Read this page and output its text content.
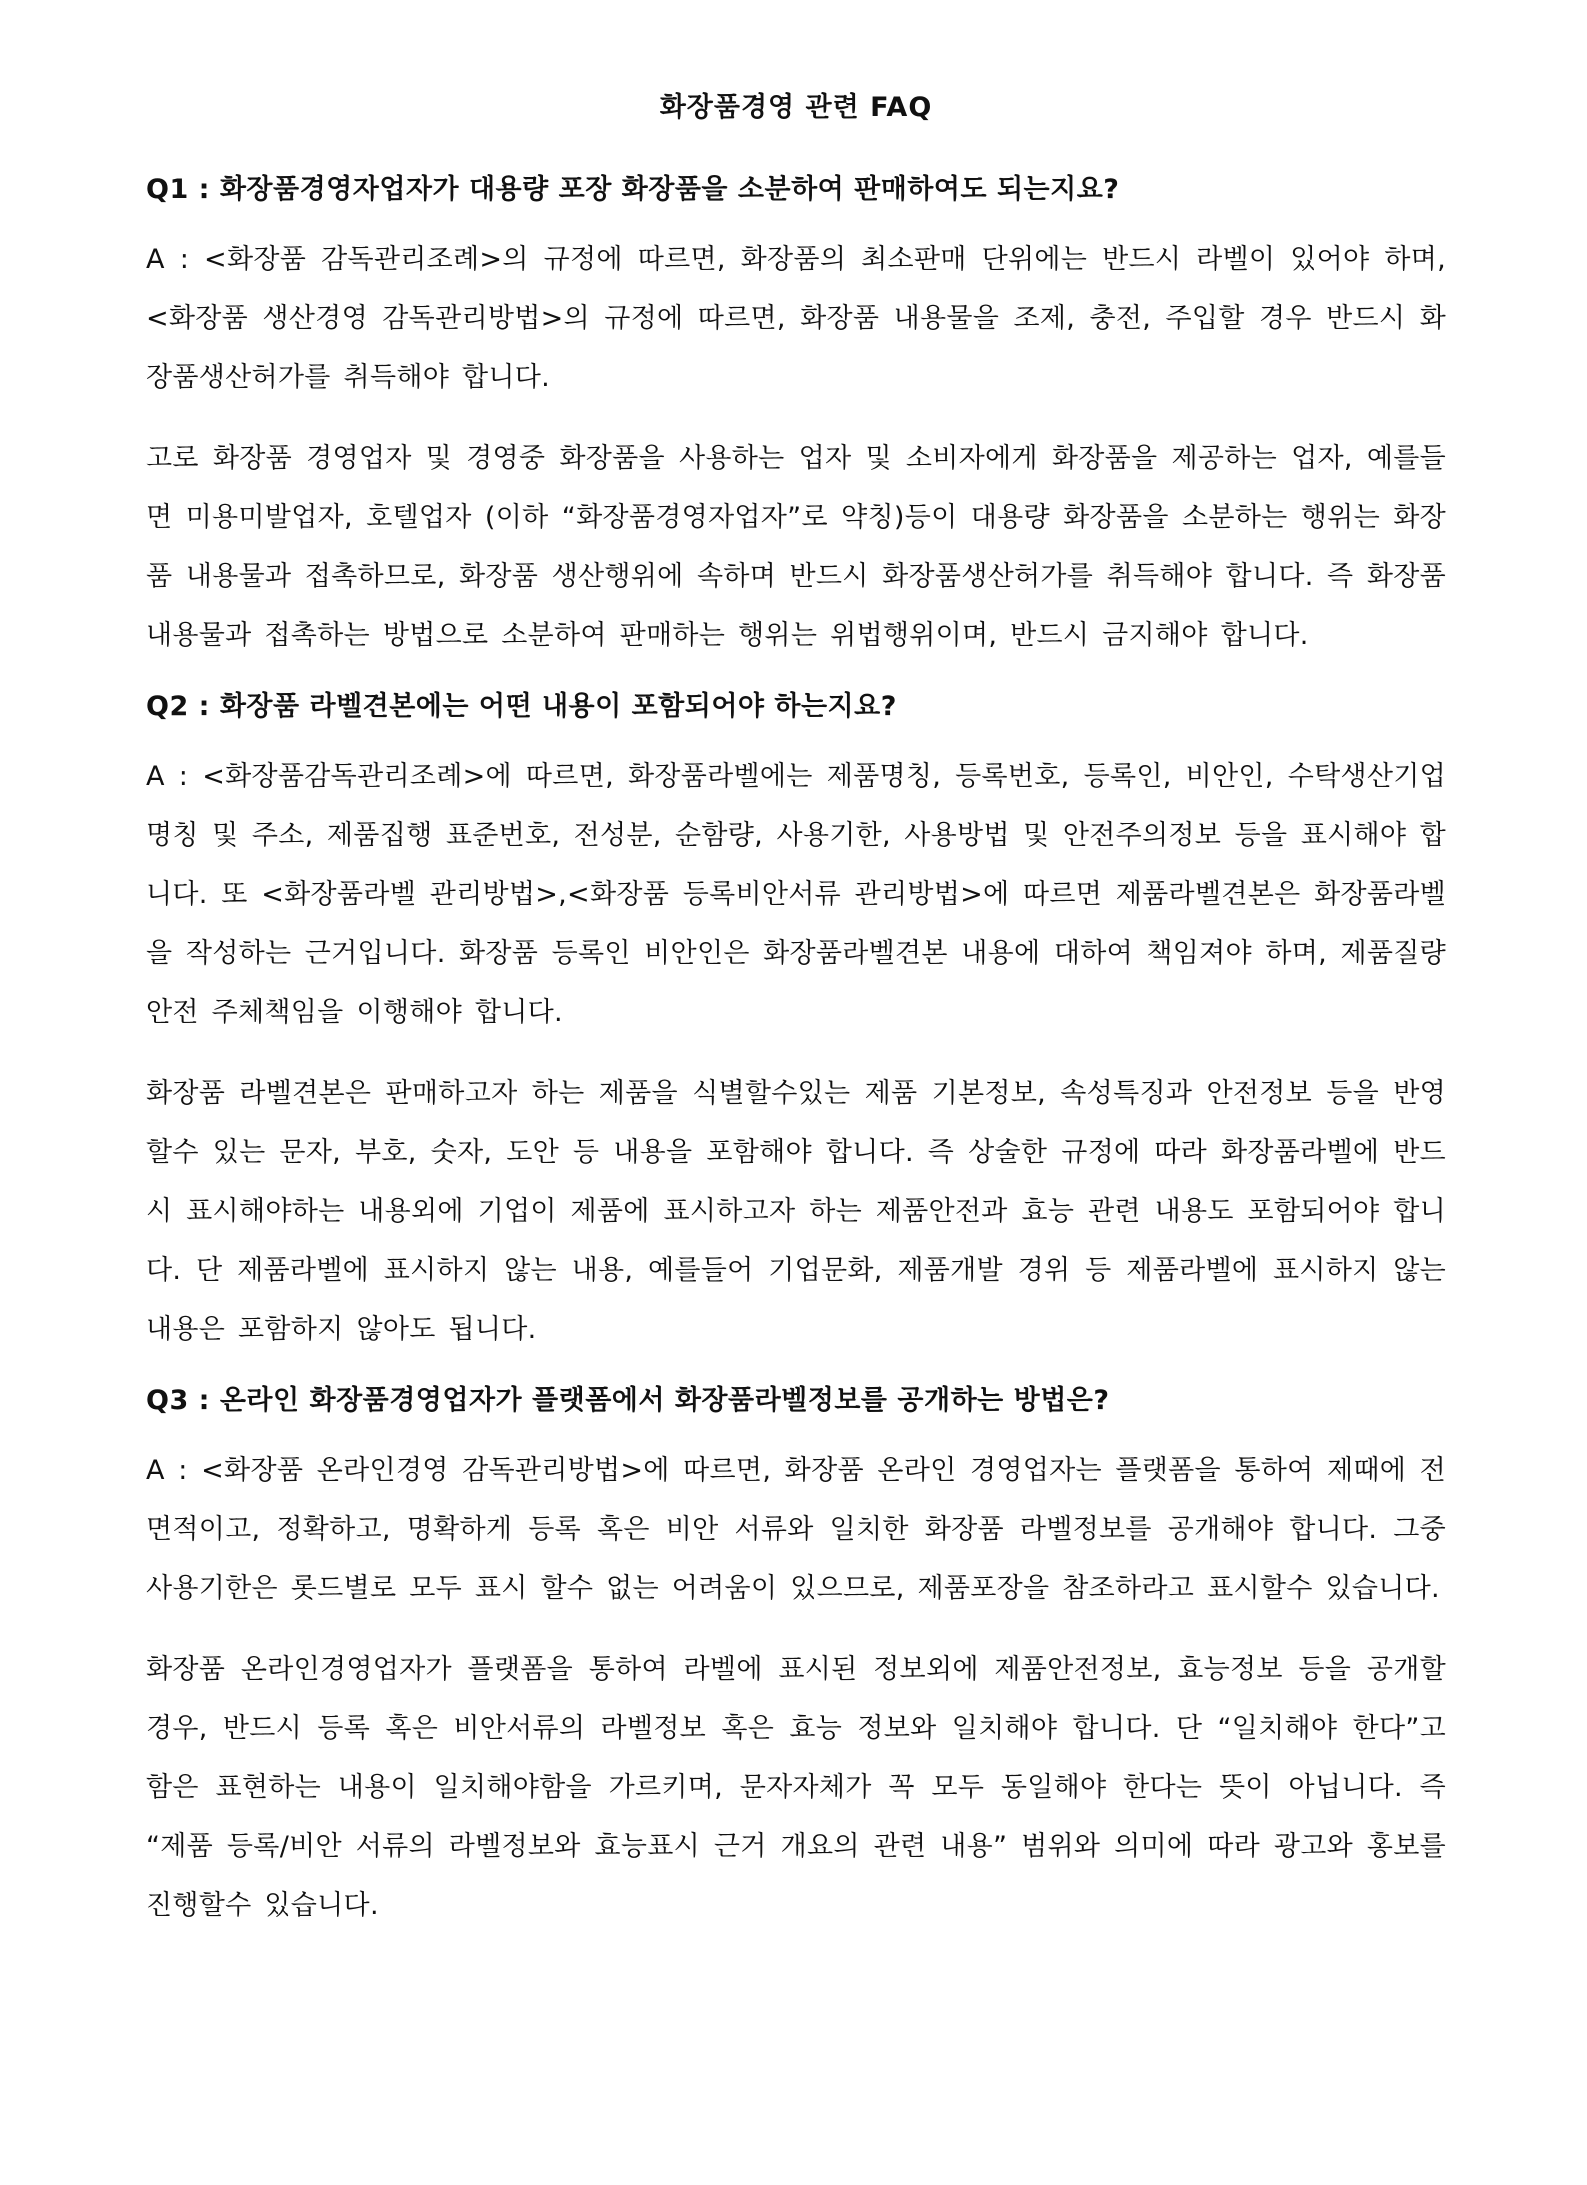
화장품경영 관련 FAQ
Q1 : 화장품경영자업자가 대용량 포장 화장품을 소분하여 판매하여도 되는지요?

A : <화장품 감독관리조례>의 규정에 따르면, 화장품의 최소판매 단위에는 반드시 라벨이 있어야 하며, <화장품 생산경영 감독관리방법>의 규정에 따르면, 화장품 내용물을 조제, 충전, 주입할 경우 반드시 화장품생산허가를 취득해야 합니다.

고로 화장품 경영업자 및 경영중 화장품을 사용하는 업자 및 소비자에게 화장품을 제공하는 업자, 예를들면 미용미발업자, 호텔업자 (이하 “화장품경영자업자”로 약칭)등이 대용량 화장품을 소분하는 행위는 화장품 내용물과 접촉하므로, 화장품 생산행위에 속하며 반드시 화장품생산허가를 취득해야 합니다. 즉 화장품 내용물과 접촉하는 방법으로 소분하여 판매하는 행위는 위법행위이며, 반드시 금지해야 합니다.

Q2 : 화장품 라벨견본에는 어떤 내용이 포함되어야 하는지요?

A : <화장품감독관리조례>에 따르면, 화장품라벨에는 제품명칭, 등록번호, 등록인, 비안인, 수탁생산기업 명칭 및 주소, 제품집행 표준번호, 전성분, 순함량, 사용기한, 사용방법 및 안전주의정보 등을 표시해야 합니다. 또 <화장품라벨 관리방법>,<화장품 등록비안서류 관리방법>에 따르면 제품라벨견본은 화장품라벨을 작성하는 근거입니다. 화장품 등록인 비안인은 화장품라벨견본 내용에 대하여 책임져야 하며, 제품질량안전 주체책임을 이행해야 합니다.

화장품 라벨견본은 판매하고자 하는 제품을 식별할수있는 제품 기본정보, 속성특징과 안전정보 등을 반영할수 있는 문자, 부호, 숫자, 도안 등 내용을 포함해야 합니다. 즉 상술한 규정에 따라 화장품라벨에 반드시 표시해야하는 내용외에 기업이 제품에 표시하고자 하는 제품안전과 효능 관련 내용도 포함되어야 합니다. 단 제품라벨에 표시하지 않는 내용, 예를들어 기업문화, 제품개발 경위 등 제품라벨에 표시하지 않는 내용은 포함하지 않아도 됩니다.

Q3 : 온라인 화장품경영업자가 플랫폼에서 화장품라벨정보를 공개하는 방법은?

A : <화장품 온라인경영 감독관리방법>에 따르면, 화장품 온라인 경영업자는 플랫폼을 통하여 제때에 전면적이고, 정확하고, 명확하게 등록 혹은 비안 서류와 일치한 화장품 라벨정보를 공개해야 합니다. 그중 사용기한은 롯드별로 모두 표시 할수 없는 어려움이 있으므로, 제품포장을 참조하라고 표시할수 있습니다.

화장품 온라인경영업자가 플랫폼을 통하여 라벨에 표시된 정보외에 제품안전정보, 효능정보 등을 공개할 경우, 반드시 등록 혹은 비안서류의 라벨정보 혹은 효능 정보와 일치해야 합니다. 단 “일치해야 한다”고 함은 표현하는 내용이 일치해야함을 가르키며, 문자자체가 꼭 모두 동일해야 한다는 뜻이 아닙니다. 즉 “제품 등록/비안 서류의 라벨정보와 효능표시 근거 개요의 관련 내용” 범위와 의미에 따라 광고와 홍보를 진행할수 있습니다.
